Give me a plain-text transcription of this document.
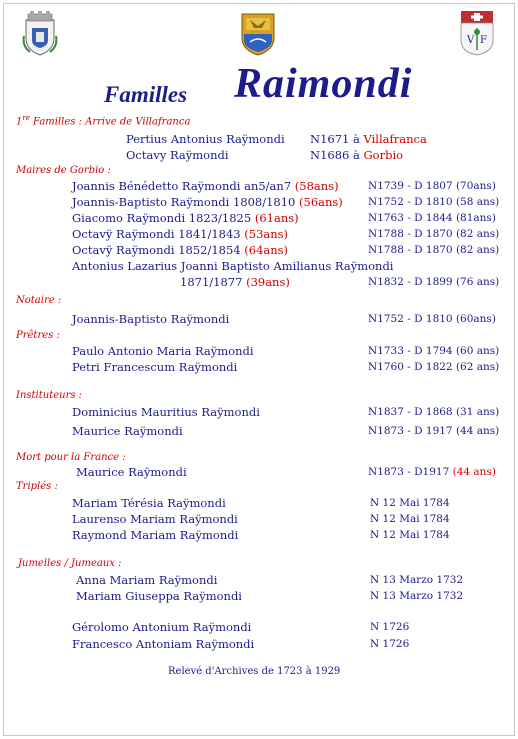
V F
Familles Raimondi
1re Familles : Arrive de Villafranca
Pertius Antonius Raÿmondi N1671 à Villafranca
Octavy Raÿmondi	N1686 à Gorbio
Maires de Gorbio :
Joannis Bénédetto Raÿmondi an5/an7 (58ans)	N1739 - D 1807 (70ans)
Joannis-Baptisto Raÿmondi 1808/1810 (56ans) N1752 - D 1810 (58 ans)
Giacomo Raÿmondi 1823/1825 (61ans)	N1763 - D 1844 (81ans)
Octavÿ Raÿmondi 1841/1843 (53ans)	N1788 - D 1870 (82 ans)
Octavÿ Raÿmondi 1852/1854 (64ans)	N1788 - D 1870 (82 ans)
Antonius Lazarius Joanni Baptisto Amilianus Raÿmondi
1871/1877 (39ans)	N1832 - D 1899 (76 ans)
Notaire :
Joannis-Baptisto Raÿmondi	N1752 - D 1810 (60ans)
Prêtres :
Paulo Antonio Maria Raÿmondi	N1733 - D 1794 (60 ans)
Petri Francescum Raÿmondi	N1760 - D 1822 (62 ans)
Instituteurs :
Dominicius Mauritius Raÿmondi	N1837 - D 1868 (31 ans)
Maurice Raÿmondi	N1873 - D 1917 (44 ans)
Mort pour la France :
Maurice Raÿmondi	N1873 - D1917 (44 ans)
Triplés :
Mariam Térésia Raÿmondi	N 12 Mai 1784
Laurenso Mariam Raÿmondi	N 12 Mai 1784
Raymond Mariam Raÿmondi	N 12 Mai 1784
Jumelles / Jumeaux :
Anna Mariam Raÿmondi	N 13 Marzo 1732
Mariam Giuseppa Raÿmondi	N 13 Marzo 1732
Gérolomo Antonium Raÿmondi	N 1726
Francesco Antoniam Raÿmondi	N 1726
Relevé d'Archives de 1723 à 1929
